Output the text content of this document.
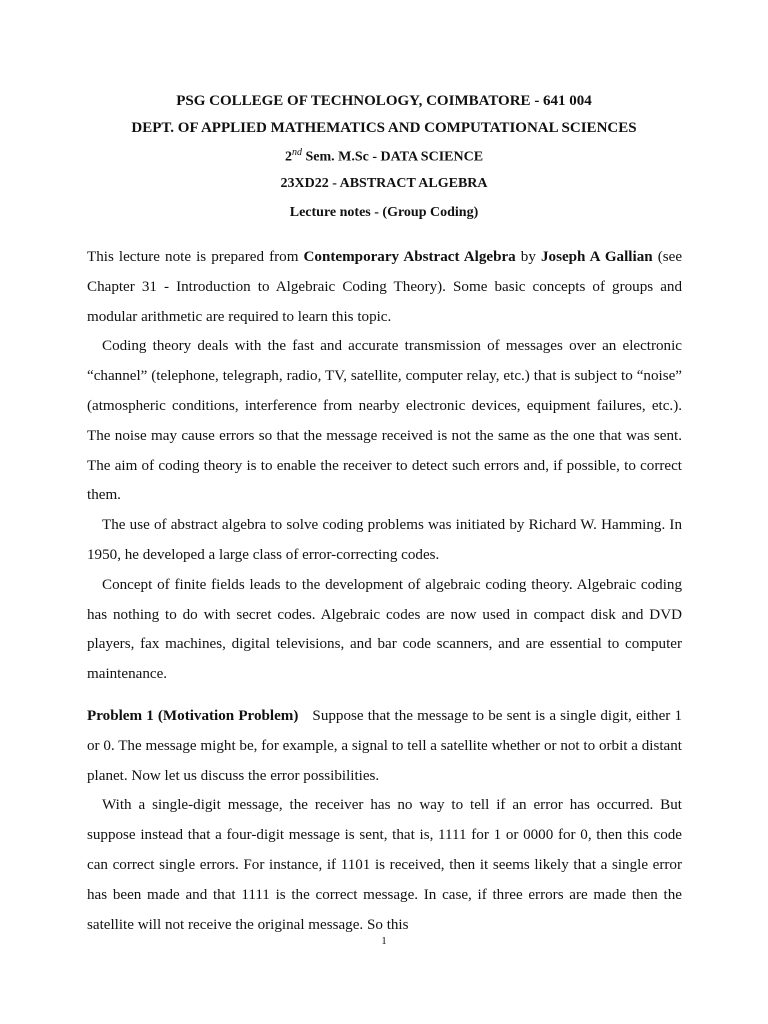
PSG COLLEGE OF TECHNOLOGY, COIMBATORE - 641 004
DEPT. OF APPLIED MATHEMATICS AND COMPUTATIONAL SCIENCES
2nd Sem. M.Sc - DATA SCIENCE
23XD22 - ABSTRACT ALGEBRA
Lecture notes - (Group Coding)

This lecture note is prepared from Contemporary Abstract Algebra by Joseph A Gallian (see Chapter 31 - Introduction to Algebraic Coding Theory). Some basic concepts of groups and modular arithmetic are required to learn this topic.

Coding theory deals with the fast and accurate transmission of messages over an electronic “channel” (telephone, telegraph, radio, TV, satellite, computer relay, etc.) that is subject to “noise” (atmospheric conditions, interference from nearby electronic devices, equipment failures, etc.). The noise may cause errors so that the message received is not the same as the one that was sent. The aim of coding theory is to enable the receiver to detect such errors and, if possible, to correct them.

The use of abstract algebra to solve coding problems was initiated by Richard W. Hamming. In 1950, he developed a large class of error-correcting codes.

Concept of finite fields leads to the development of algebraic coding theory. Algebraic coding has nothing to do with secret codes. Algebraic codes are now used in compact disk and DVD players, fax machines, digital televisions, and bar code scanners, and are essential to computer maintenance.

Problem 1 (Motivation Problem) Suppose that the message to be sent is a single digit, either 1 or 0. The message might be, for example, a signal to tell a satellite whether or not to orbit a distant planet. Now let us discuss the error possibilities.

With a single-digit message, the receiver has no way to tell if an error has occurred. But suppose instead that a four-digit message is sent, that is, 1111 for 1 or 0000 for 0, then this code can correct single errors. For instance, if 1101 is received, then it seems likely that a single error has been made and that 1111 is the correct message. In case, if three errors are made then the satellite will not receive the original message. So this

1
